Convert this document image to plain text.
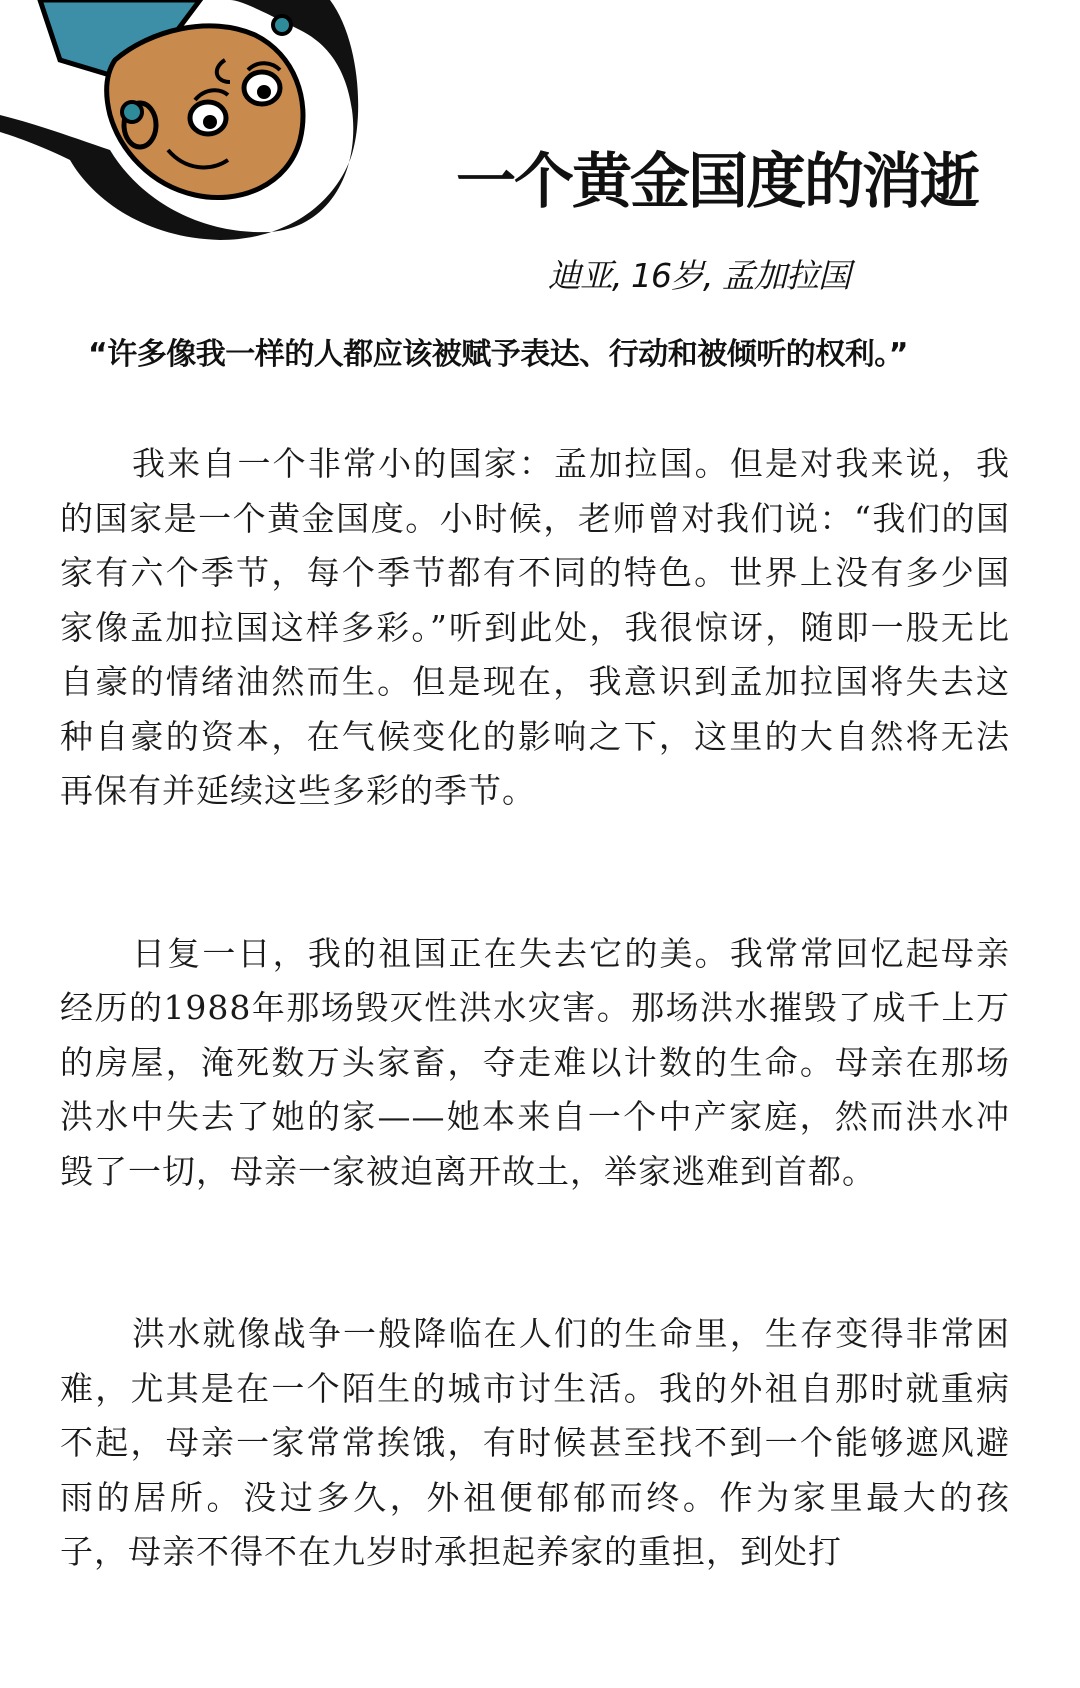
一个黄金国度的消逝
迪亚, 16岁, 孟加拉国
“许多像我一样的人都应该被赋予表达、行动和被倾听的权利。”

我来自一个非常小的国家：孟加拉国。但是对我来说，我的国家是一个黄金国度。小时候，老师曾对我们说：“我们的国家有六个季节，每个季节都有不同的特色。世界上没有多少国家像孟加拉国这样多彩。”听到此处，我很惊讶，随即一股无比自豪的情绪油然而生。但是现在，我意识到孟加拉国将失去这种自豪的资本，在气候变化的影响之下，这里的大自然将无法再保有并延续这些多彩的季节。

日复一日，我的祖国正在失去它的美。我常常回忆起母亲经历的1988年那场毁灭性洪水灾害。那场洪水摧毁了成千上万的房屋，淹死数万头家畜，夺走难以计数的生命。母亲在那场洪水中失去了她的家——她本来自一个中产家庭，然而洪水冲毁了一切，母亲一家被迫离开故土，举家逃难到首都。

洪水就像战争一般降临在人们的生命里，生存变得非常困难，尤其是在一个陌生的城市讨生活。我的外祖自那时就重病不起，母亲一家常常挨饿，有时候甚至找不到一个能够遮风避雨的居所。没过多久，外祖便郁郁而终。作为家里最大的孩子，母亲不得不在九岁时承担起养家的重担，到处打
